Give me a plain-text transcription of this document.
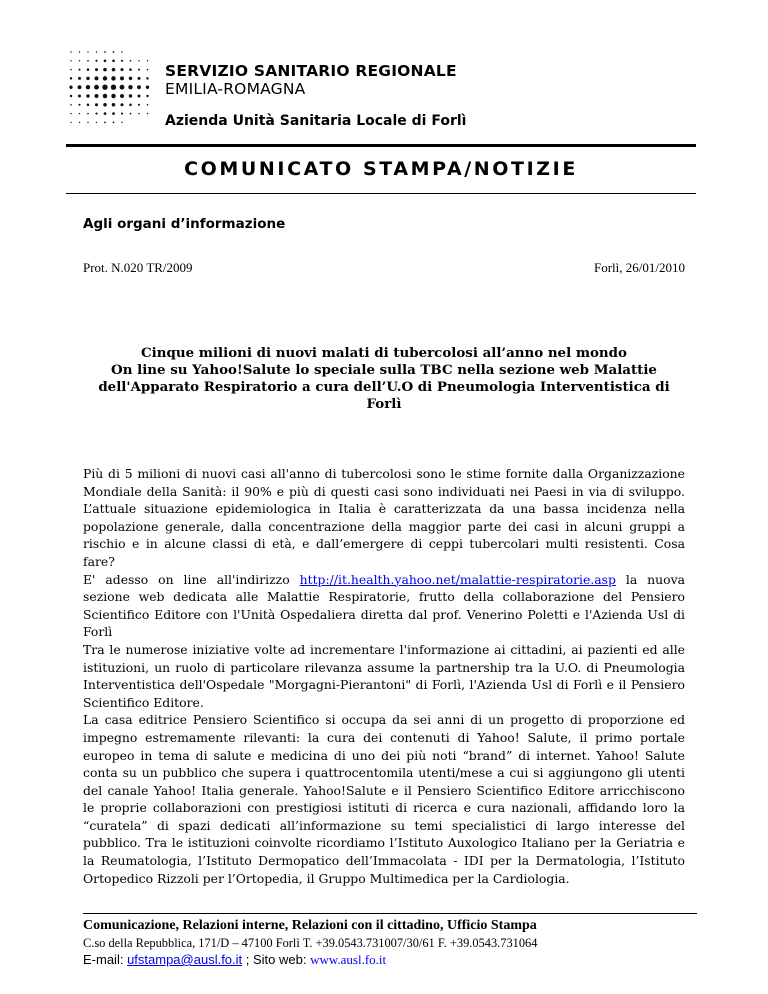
SERVIZIO SANITARIO REGIONALE
EMILIA-ROMAGNA
Azienda Unità Sanitaria Locale di Forlì
COMUNICATO STAMPA/NOTIZIE
Agli organi d’informazione
Prot. N.020 TR/2009	Forlì, 26/01/2010
Cinque milioni di nuovi malati di tubercolosi all’anno nel mondo
On line su Yahoo!Salute lo speciale sulla TBC nella sezione web Malattie dell'Apparato Respiratorio a cura dell’U.O di Pneumologia Interventistica di Forlì

Più di 5 milioni di nuovi casi all'anno di tubercolosi sono le stime fornite dalla Organizzazione Mondiale della Sanità: il 90% e più di questi casi sono individuati nei Paesi in via di sviluppo. L’attuale situazione epidemiologica in Italia è caratterizzata da una bassa incidenza nella popolazione generale, dalla concentrazione della maggior parte dei casi in alcuni gruppi a rischio e in alcune classi di età, e dall’emergere di ceppi tubercolari multi resistenti. Cosa fare?

E' adesso on line all'indirizzo http://it.health.yahoo.net/malattie-respiratorie.asp la nuova sezione web dedicata alle Malattie Respiratorie, frutto della collaborazione del Pensiero Scientifico Editore con l'Unità Ospedaliera diretta dal prof. Venerino Poletti e l'Azienda Usl di Forlì

Tra le numerose iniziative volte ad incrementare l'informazione ai cittadini, ai pazienti ed alle istituzioni, un ruolo di particolare rilevanza assume la partnership tra la U.O. di Pneumologia Interventistica dell'Ospedale "Morgagni-Pierantoni" di Forlì, l'Azienda Usl di Forlì e il Pensiero Scientifico Editore.

La casa editrice Pensiero Scientifico si occupa da sei anni di un progetto di proporzione ed impegno estremamente rilevanti: la cura dei contenuti di Yahoo! Salute, il primo portale europeo in tema di salute e medicina di uno dei più noti “brand” di internet. Yahoo! Salute conta su un pubblico che supera i quattrocentomila utenti/mese a cui si aggiungono gli utenti del canale Yahoo! Italia generale. Yahoo!Salute e il Pensiero Scientifico Editore arricchiscono le proprie collaborazioni con prestigiosi istituti di ricerca e cura nazionali, affidando loro la “curatela” di spazi dedicati all’informazione su temi specialistici di largo interesse del pubblico. Tra le istituzioni coinvolte ricordiamo l’Istituto Auxologico Italiano per la Geriatria e la Reumatologia, l’Istituto Dermopatico dell’Immacolata - IDI per la Dermatologia, l’Istituto Ortopedico Rizzoli per l’Ortopedia, il Gruppo Multimedica per la Cardiologia.

Comunicazione, Relazioni interne, Relazioni con il cittadino, Ufficio Stampa
C.so della Repubblica, 171/D – 47100 Forlì T. +39.0543.731007/30/61 F. +39.0543.731064
E-mail: ufstampa@ausl.fo.it ; Sito web: www.ausl.fo.it
